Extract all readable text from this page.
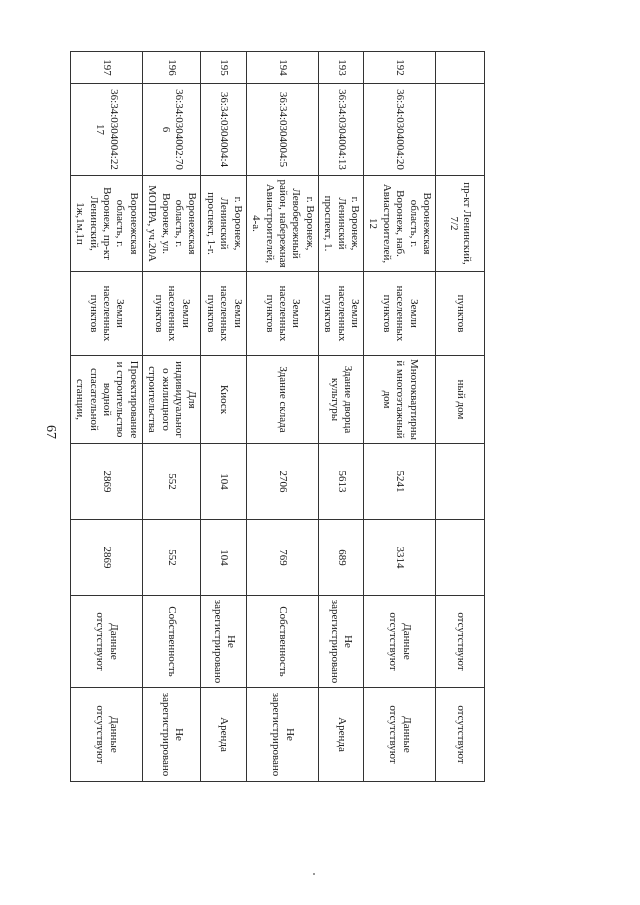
67
		пр-кт Ленинский, 7/2	пунктов	ный дом			отсутствуют	отсутствуют
192	36:34:0304004:20	Воронежская область, г. Воронеж, наб. Авиастроителей, 12	Земли населенных пунктов	Многоквартирный многоэтажный дом	5241	3314	Данные отсутствуют	Данные отсутствуют
193	36:34:0304004:13	г. Воронеж, Ленинский проспект, 1.	Земли населенных пунктов	Здание дворца культуры	5613	689	Не зарегистрировано	Аренда
194	36:34:0304004:5	г. Воронеж, Левобережный район, набережная Авиастроителей, 4-а.	Земли населенных пунктов	Здание склада	2706	769	Собственность	Не зарегистрировано
195	36:34:0304004:4	г. Воронеж, Ленинский проспект, 1-г.	Земли населенных пунктов	Киоск	104	104	Не зарегистрировано	Аренда
196	36:34:0304002:706	Воронежская область, г. Воронеж, ул. МОПРА, уч.20А	Земли населенных пунктов	Для индивидуального жилищного строительства	552	552	Собственность	Не зарегистрировано
197	36:34:0304004:2217	Воронежская область, г. Воронеж, пр-кт Ленинский, 1ж,1м,1п	Земли населенных пунктов	Проектирование и строительство водной спасательной станции,	2869	2869	Данные отсутствуют	Данные отсутствуют
